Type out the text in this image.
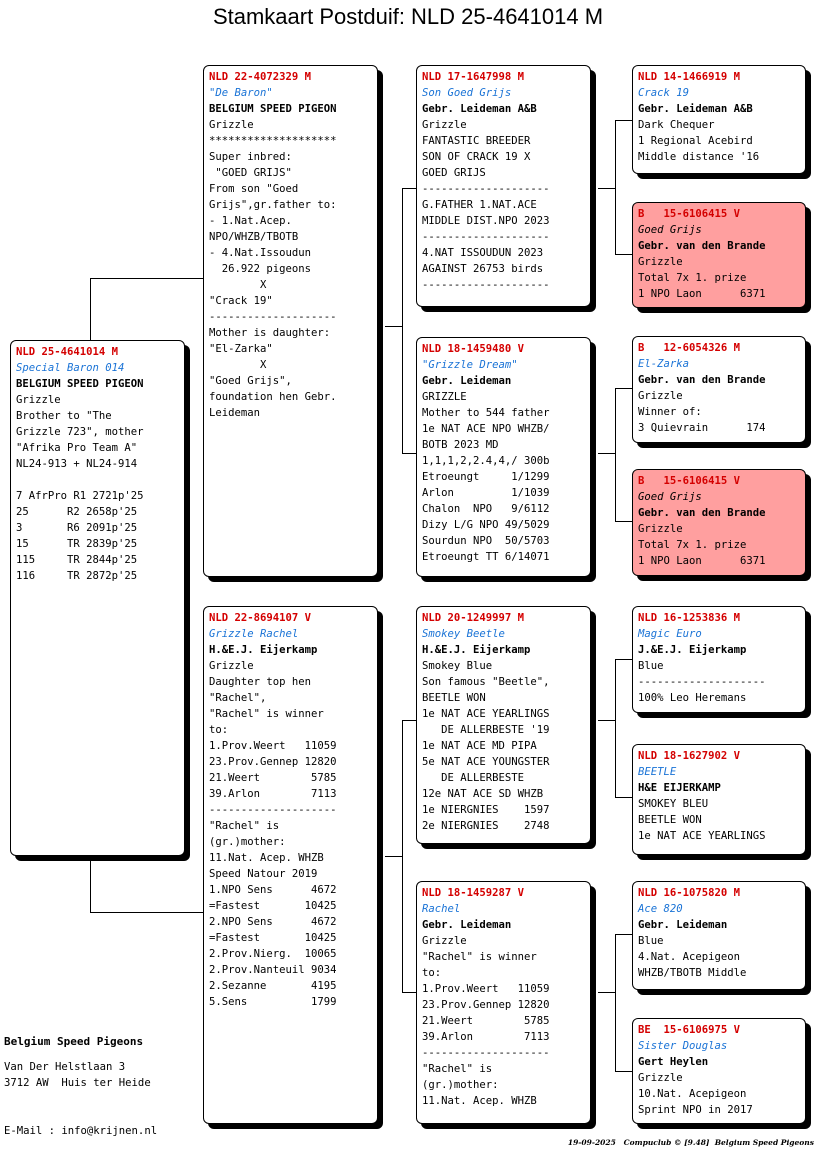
Stamkaart Postduif: NLD 25-4641014 M
NLD 25-4641014 M
Special Baron 014
BELGIUM SPEED PIGEON
Grizzle
Brother to "The
Grizzle 723", mother
"Afrika Pro Team A"
NL24-913 + NL24-914
7 AfrPro R1 2721p'25
25      R2 2658p'25
3       R6 2091p'25
15      TR 2839p'25
115     TR 2844p'25
116     TR 2872p'25
NLD 22-4072329 M
"De Baron"
BELGIUM SPEED PIGEON
Grizzle
********************
Super inbred:
"GOED GRIJS"
From son "Goed
Grijs",gr.father to:
- 1.Nat.Acep.
NPO/WHZB/TBOTB
- 4.Nat.Issoudun
26.922 pigeons
X
"Crack 19"
--------------------
Mother is daughter:
"El-Zarka"
X
"Goed Grijs",
foundation hen Gebr.
Leideman
NLD 22-8694107 V
Grizzle Rachel
H.&E.J. Eijerkamp
Grizzle
Daughter top hen
"Rachel",
"Rachel" is winner
to:
1.Prov.Weert   11059
23.Prov.Gennep 12820
21.Weert        5785
39.Arlon        7113
--------------------
"Rachel" is
(gr.)mother:
11.Nat. Acep. WHZB
Speed Natour 2019
1.NPO Sens      4672
=Fastest       10425
2.NPO Sens      4672
=Fastest       10425
2.Prov.Nierg.  10065
2.Prov.Nanteuil 9034
2.Sezanne       4195
5.Sens          1799
NLD 17-1647998 M
Son Goed Grijs
Gebr. Leideman A&B
Grizzle
FANTASTIC BREEDER
SON OF CRACK 19 X
GOED GRIJS
--------------------
G.FATHER 1.NAT.ACE
MIDDLE DIST.NPO 2023
--------------------
4.NAT ISSOUDUN 2023
AGAINST 26753 birds
--------------------
NLD 18-1459480 V
"Grizzle Dream"
Gebr. Leideman
GRIZZLE
Mother to 544 father
1e NAT ACE NPO WHZB/
BOTB 2023 MD
1,1,1,2,2.4,4,/ 300b
Etroeungt     1/1299
Arlon         1/1039
Chalon  NPO   9/6112
Dizy L/G NPO 49/5029
Sourdun NPO  50/5703
Etroeungt TT 6/14071
NLD 20-1249997 M
Smokey Beetle
H.&E.J. Eijerkamp
Smokey Blue
Son famous "Beetle",
BEETLE WON
1e NAT ACE YEARLINGS
DE ALLERBESTE '19
1e NAT ACE MD PIPA
5e NAT ACE YOUNGSTER
DE ALLERBESTE
12e NAT ACE SD WHZB
1e NIERGNIES    1597
2e NIERGNIES    2748
NLD 18-1459287 V
Rachel
Gebr. Leideman
Grizzle
"Rachel" is winner
to:
1.Prov.Weert   11059
23.Prov.Gennep 12820
21.Weert        5785
39.Arlon        7113
--------------------
"Rachel" is
(gr.)mother:
11.Nat. Acep. WHZB
NLD 14-1466919 M
Crack 19
Gebr. Leideman A&B
Dark Chequer
1 Regional Acebird
Middle distance '16
B   15-6106415 V
Goed Grijs
Gebr. van den Brande
Grizzle
Total 7x 1. prize
1 NPO Laon      6371
B   12-6054326 M
El-Zarka
Gebr. van den Brande
Grizzle
Winner of:
3 Quievrain      174
B   15-6106415 V
Goed Grijs
Gebr. van den Brande
Grizzle
Total 7x 1. prize
1 NPO Laon      6371
NLD 16-1253836 M
Magic Euro
J.&E.J. Eijerkamp
Blue
--------------------
100% Leo Heremans
NLD 18-1627902 V
BEETLE
H&E EIJERKAMP
SMOKEY BLEU
BEETLE WON
1e NAT ACE YEARLINGS
NLD 16-1075820 M
Ace 820
Gebr. Leideman
Blue
4.Nat. Acepigeon
WHZB/TBOTB Middle
BE  15-6106975 V
Sister Douglas
Gert Heylen
Grizzle
10.Nat. Acepigeon
Sprint NPO in 2017
Belgium Speed Pigeons
Van Der Helstlaan 3
3712 AW  Huis ter Heide
E-Mail : info@krijnen.nl
19-09-2025   Compuclub © [9.48]  Belgium Speed Pigeons
